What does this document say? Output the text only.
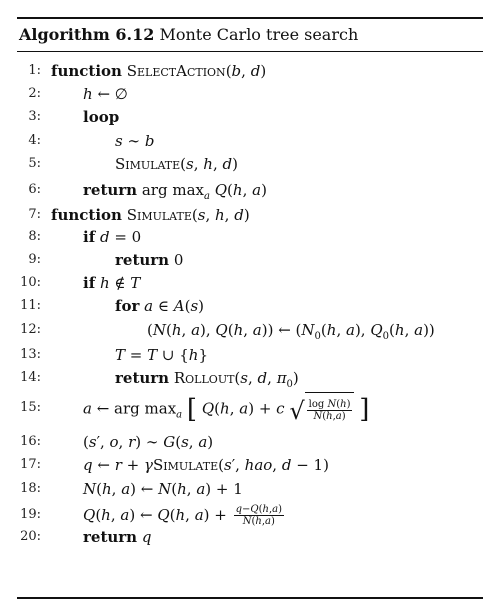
Algorithm 6.12 Monte Carlo tree search
1: function SelectAction(b, d)
2:	h ← ∅
3:	loop
4:	s ∼ b
5:	Simulate(s, h, d)
6:	return arg $\max_a Q(h$, a)
7: function Simulate(s, h, d)
8:	if d = 0
9:	return 0
10:	if h ∉ T
11:	for a ∈ A(s)
12:	(N(h, a), Q(h, a)) ← ($N_0(h$, a), $Q_0(h$, a))
13:	T = T ∪ {h}
14:	return Rollout(s, d, $\pi_0$)
15:	a ← arg $\max_a$ [ Q(h, a) + c √ $\frac{\text{log N(h)}}{N(h,a)}$ ]
16:	(s′, o, r) ∼ G(s, a)
17:	q ← r + γSimulate(s′, hao, d − 1)
18:	N(h, a) ← N(h, a) + 1
19:	Q(h, a) ← Q(h, $a) + \frac{q-Q(h,a)}{N(h,a)}$
20:	return q
